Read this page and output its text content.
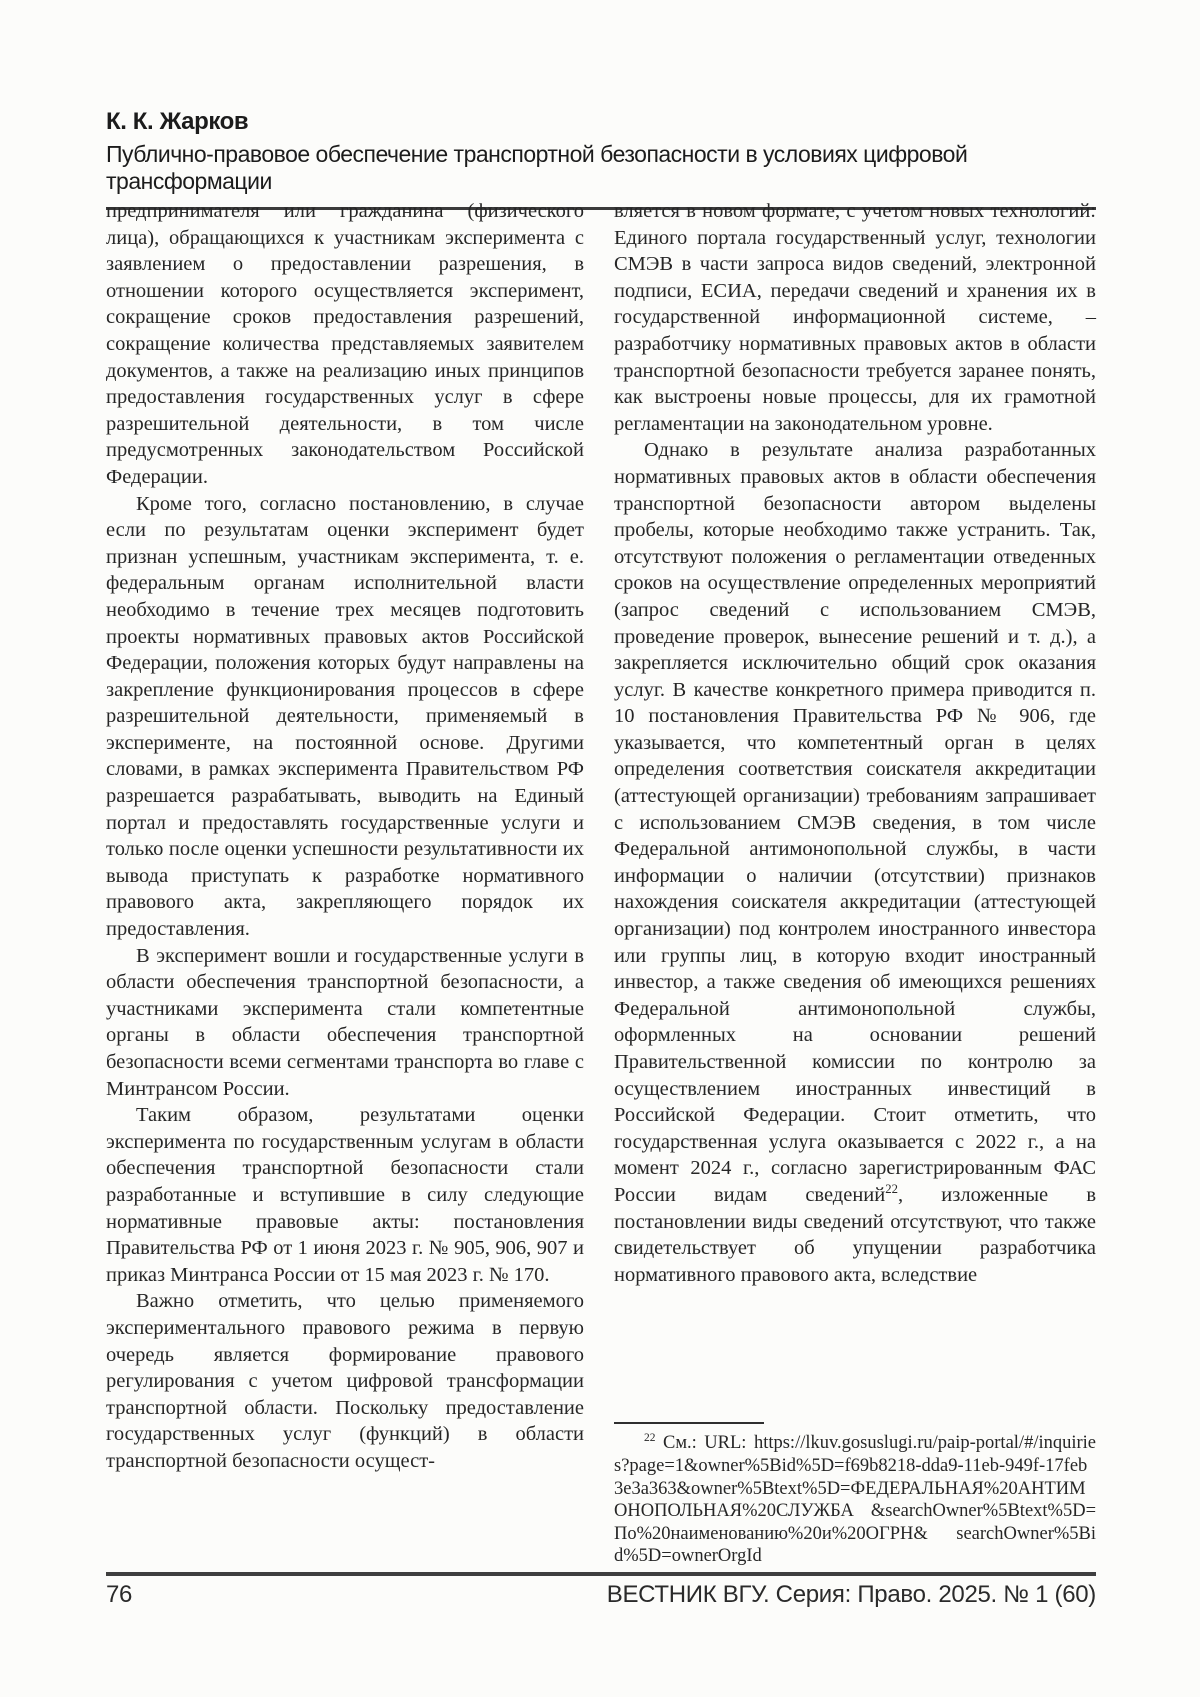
К. К. Жарков
Публично-правовое обеспечение транспортной безопасности в условиях цифровой трансформации

предпринимателя или гражданина (физического лица), обращающихся к участникам эксперимента с заявлением о предоставлении разрешения, в отношении которого осуществляется эксперимент, сокращение сроков предоставления разрешений, сокращение количества представляемых заявителем документов, а также на реализацию иных принципов предоставления государственных услуг в сфере разрешительной деятельности, в том числе предусмотренных законодательством Российской Федерации.

Кроме того, согласно постановлению, в случае если по результатам оценки эксперимент будет признан успешным, участникам эксперимента, т. е. федеральным органам исполнительной власти необходимо в течение трех месяцев подготовить проекты нормативных правовых актов Российской Федерации, положения которых будут направлены на закрепление функционирования процессов в сфере разрешительной деятельности, применяемый в эксперименте, на постоянной основе. Другими словами, в рамках эксперимента Правительством РФ разрешается разрабатывать, выводить на Единый портал и предоставлять государственные услуги и только после оценки успешности результативности их вывода приступать к разработке нормативного правового акта, закрепляющего порядок их предоставления.

В эксперимент вошли и государственные услуги в области обеспечения транспортной безопасности, а участниками эксперимента стали компетентные органы в области обеспечения транспортной безопасности всеми сегментами транспорта во главе с Минтрансом России.

Таким образом, результатами оценки эксперимента по государственным услугам в области обеспечения транспортной безопасности стали разработанные и вступившие в силу следующие нормативные правовые акты: постановления Правительства РФ от 1 июня 2023 г. № 905, 906, 907 и приказ Минтранса России от 15 мая 2023 г. № 170.

Важно отметить, что целью применяемого экспериментального правового режима в первую очередь является формирование правового регулирования с учетом цифровой трансформации транспортной области. Поскольку предоставление государственных услуг (функций) в области транспортной безопасности осущест-

вляется в новом формате, с учетом новых технологий: Единого портала государственный услуг, технологии СМЭВ в части запроса видов сведений, электронной подписи, ЕСИА, передачи сведений и хранения их в государственной информационной системе, – разработчику нормативных правовых актов в области транспортной безопасности требуется заранее понять, как выстроены новые процессы, для их грамотной регламентации на законодательном уровне.

Однако в результате анализа разработанных нормативных правовых актов в области обеспечения транспортной безопасности автором выделены пробелы, которые необходимо также устранить. Так, отсутствуют положения о регламентации отведенных сроков на осуществление определенных мероприятий (запрос сведений с использованием СМЭВ, проведение проверок, вынесение решений и т. д.), а закрепляется исключительно общий срок оказания услуг. В качестве конкретного примера приводится п. 10 постановления Правительства РФ № 906, где указывается, что компетентный орган в целях определения соответствия соискателя аккредитации (аттестующей организации) требованиям запрашивает с использованием СМЭВ сведения, в том числе Федеральной антимонопольной службы, в части информации о наличии (отсутствии) признаков нахождения соискателя аккредитации (аттестующей организации) под контролем иностранного инвестора или группы лиц, в которую входит иностранный инвестор, а также сведения об имеющихся решениях Федеральной антимонопольной службы, оформленных на основании решений Правительственной комиссии по контролю за осуществлением иностранных инвестиций в Российской Федерации. Стоит отметить, что государственная услуга оказывается с 2022 г., а на момент 2024 г., согласно зарегистрированным ФАС России видам сведений$^{22}$, изложенные в постановлении виды сведений отсутствуют, что также свидетельствует об упущении разработчика нормативного правового акта, вследствие

$^{22}$ См.: URL: https://lkuv.gosuslugi.ru/paip-portal/#/inquiries?page=1&owner%5Bid%5D=f69b8218-dda9-11eb-949f-17feb3e3a363&owner%5Btext%5D=ФЕДЕРАЛЬНАЯ%20АНТИМОНОПОЛЬНАЯ%20СЛУЖБА &searchOwner%5Btext%5D=По%20наименованию%20и%20ОГРН& searchOwner%5Bid%5D=ownerOrgId

76	ВЕСТНИК ВГУ. Серия: Право. 2025. № 1 (60)
